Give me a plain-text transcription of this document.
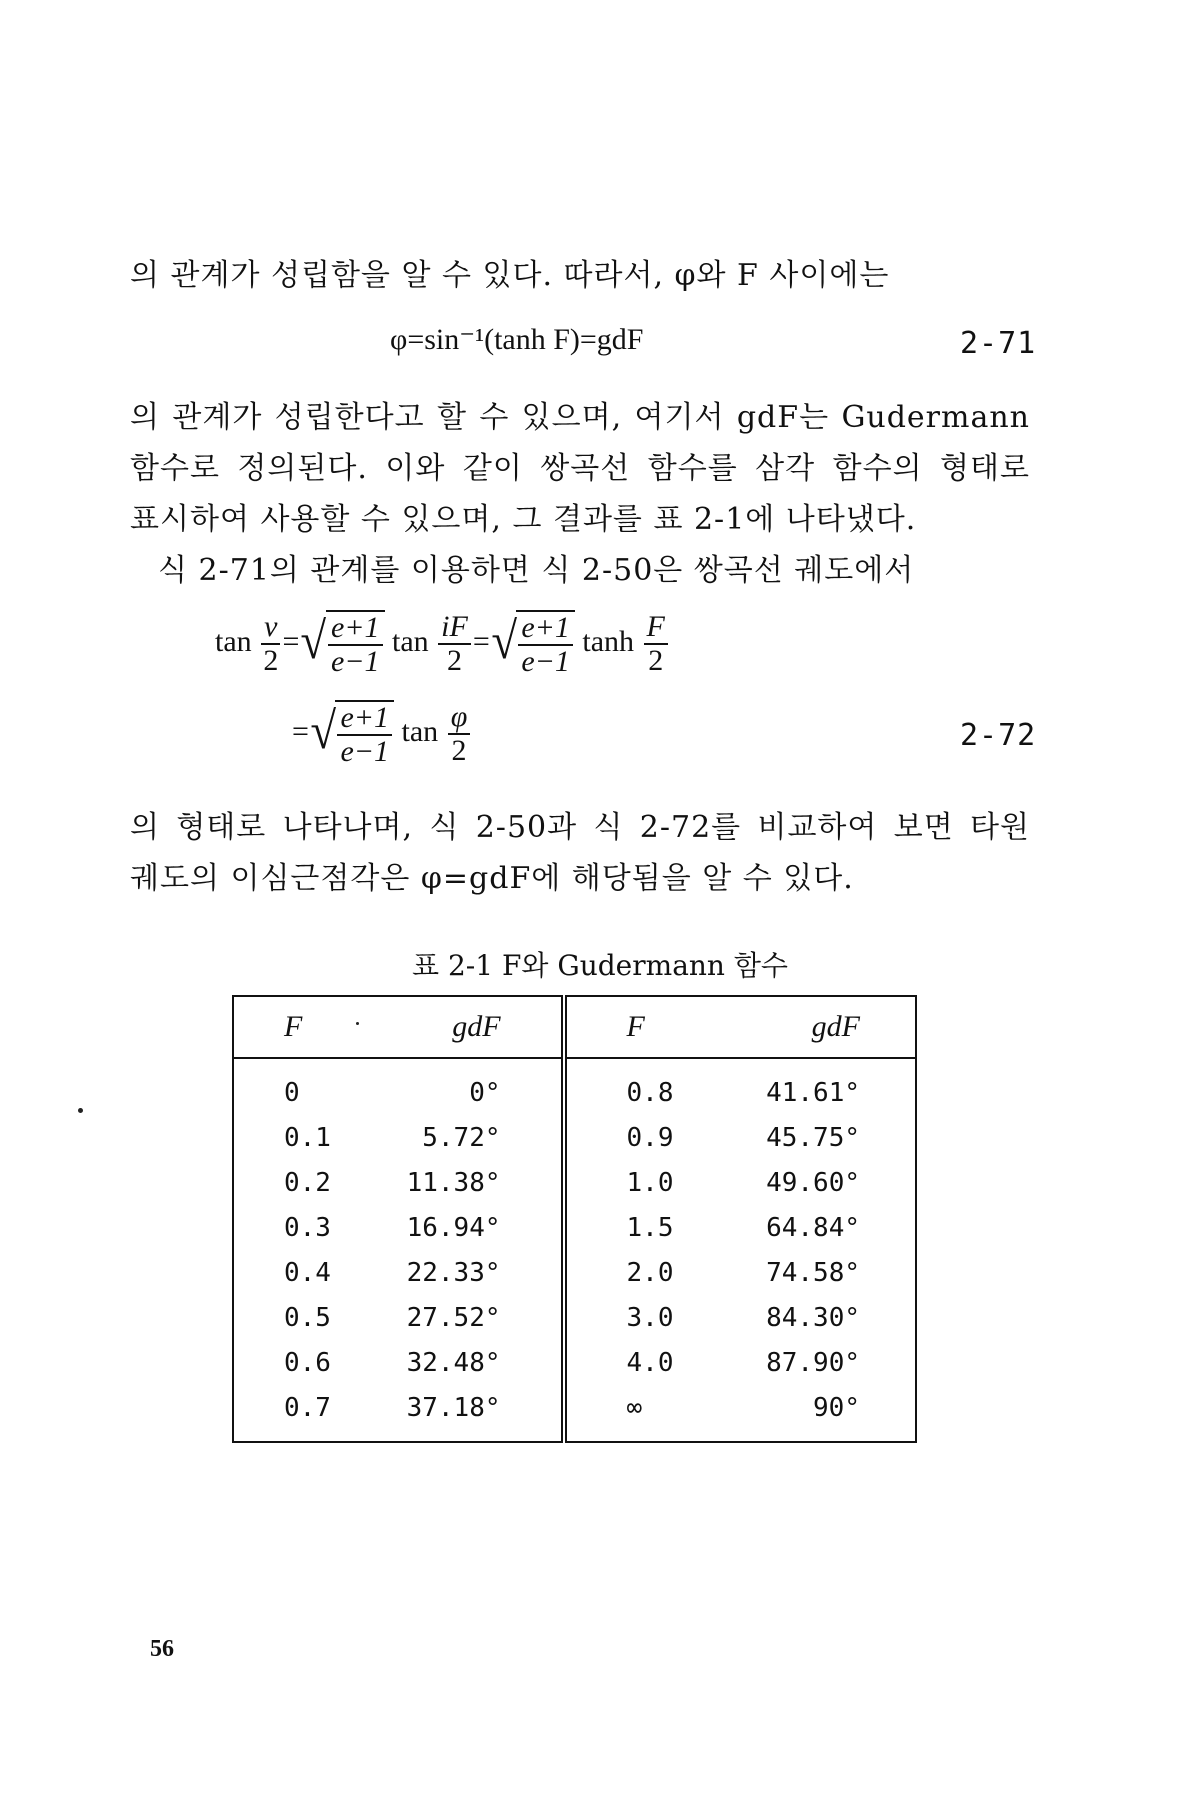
의 관계가 성립함을 알 수 있다. 따라서, φ와 F 사이에는
φ=sin⁻¹(tanh F)=gdF	2-71
의 관계가 성립한다고 할 수 있으며, 여기서 gdF는 Gudermann
함수로 정의된다. 이와 같이 쌍곡선 함수를 삼각 함수의 형태로
표시하여 사용할 수 있으며, 그 결과를 표 2-1에 나타냈다.
식 2-71의 관계를 이용하면 식 2-50은 쌍곡선 궤도에서
$\tan \frac{\nu}{2}$ = √ $\frac{e+1}{e-1}$ $\tan \frac{iF}{2}$ = √ $\frac{e+1}{e-1}$ $\tanh \frac{F}{2}$
= √ $\frac{e+1}{e-1}$ $\tan \frac{\varphi}{2}$	2-72
의 형태로 나타나며, 식 2-50과 식 2-72를 비교하여 보면 타원
궤도의 이심근점각은 φ=gdF에 해당됨을 알 수 있다.
표 2-1 F와 Gudermann 함수
F	gdF	F	gdF
0	0°	0.8	41.61°
0.1	5.72°	0.9	45.75°
0.2	11.38°	1.0	49.60°
0.3	16.94°	1.5	64.84°
0.4	22.33°	2.0	74.58°
0.5	27.52°	3.0	84.30°
0.6	32.48°	4.0	87.90°
0.7	37.18°	∞	90°
56
